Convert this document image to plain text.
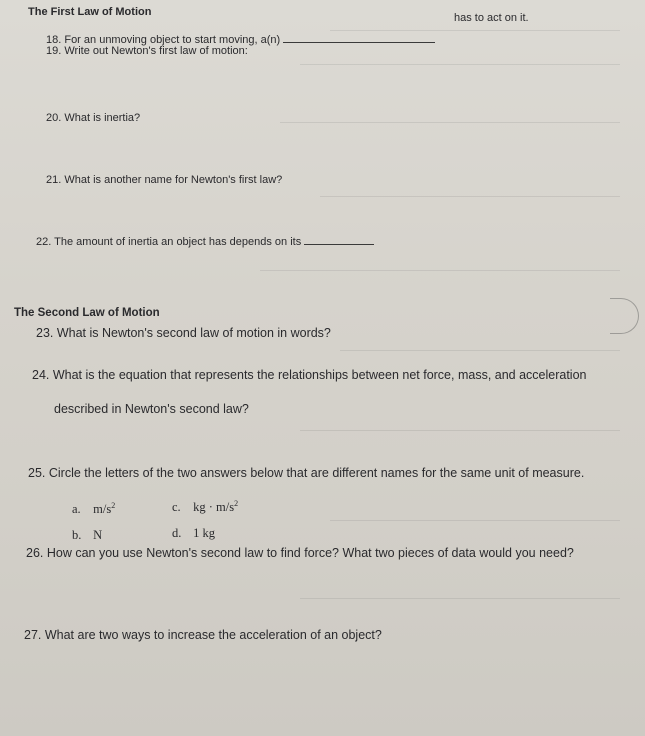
The First Law of Motion
18. For an unmoving object to start moving, a(n)
has to act on it.
19. Write out Newton's first law of motion:
20. What is inertia?
21. What is another name for Newton's first law?
22. The amount of inertia an object has depends on its
The Second Law of Motion
23. What is Newton's second law of motion in words?
24. What is the equation that represents the relationships between net force, mass, and acceleration
described in Newton's second law?
25. Circle the letters of the two answers below that are different names for the same unit of measure.
a. $m/s^2$	c. kg · $m/s^2$
b. N	d. 1 kg
26. How can you use Newton's second law to find force? What two pieces of data would you need?
27. What are two ways to increase the acceleration of an object?
